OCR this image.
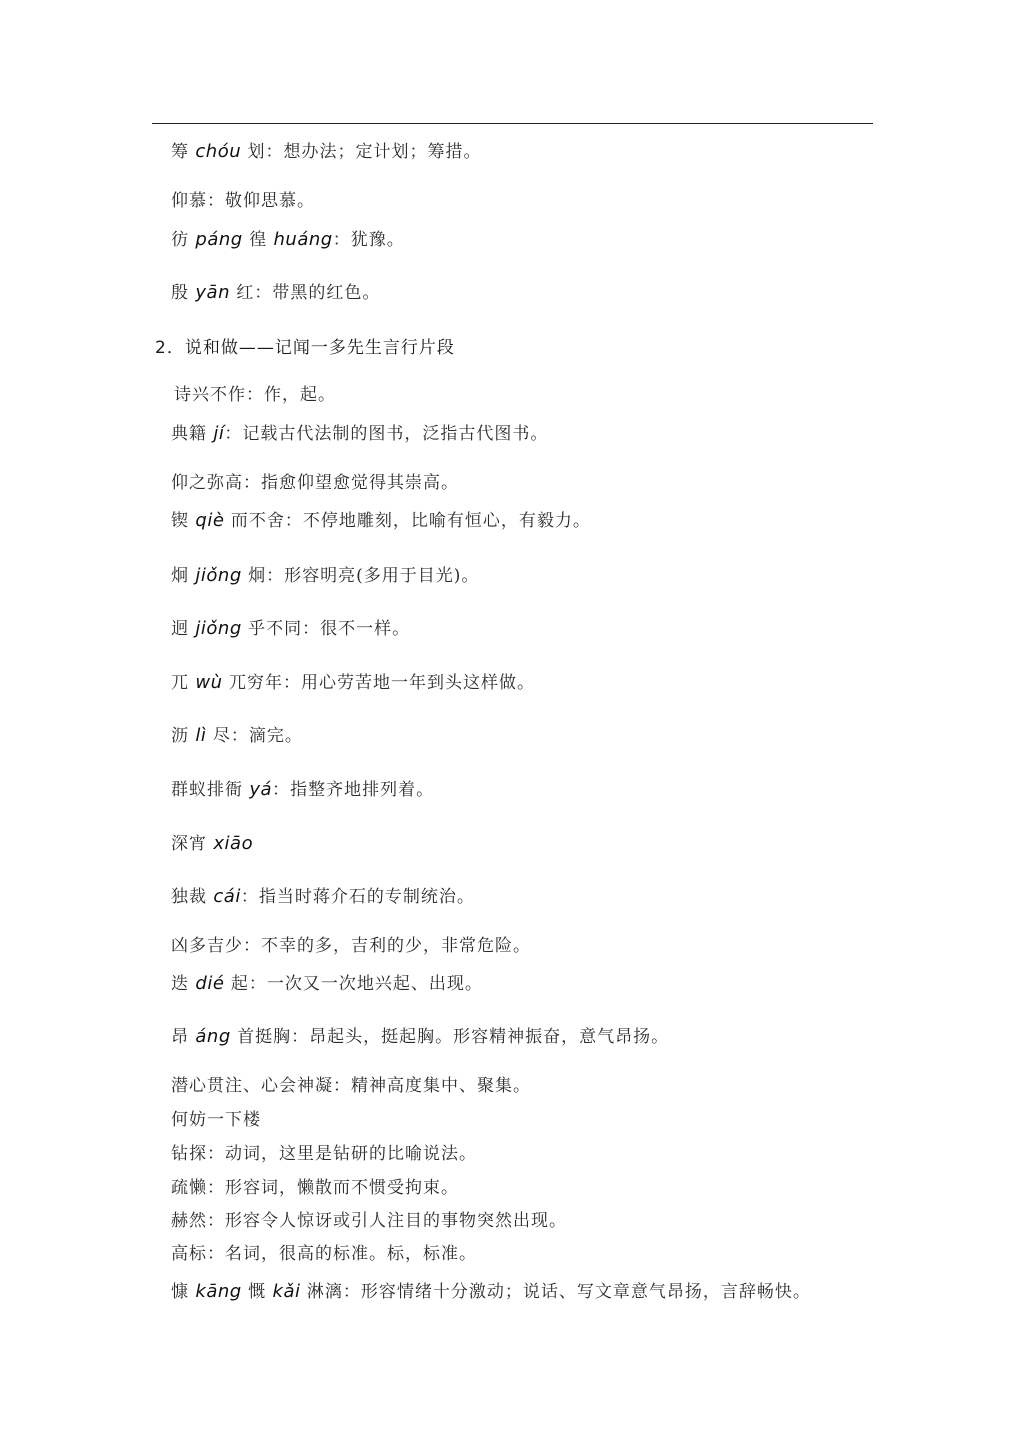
筹 chóu 划：想办法；定计划；筹措。
仰慕：敬仰思慕。
彷 páng 徨 huáng：犹豫。
殷 yān 红：带黑的红色。
2．说和做——记闻一多先生言行片段
诗兴不作：作，起。
典籍 jí：记载古代法制的图书，泛指古代图书。
仰之弥高：指愈仰望愈觉得其崇高。
锲 qiè 而不舍：不停地雕刻，比喻有恒心，有毅力。
炯 jiǒng 炯：形容明亮(多用于目光)。
迥 jiǒng 乎不同：很不一样。
兀 wù 兀穷年：用心劳苦地一年到头这样做。
沥 lì 尽：滴完。
群蚁排衙 yá：指整齐地排列着。
深宵 xiāo
独裁 cái：指当时蒋介石的专制统治。
凶多吉少：不幸的多，吉利的少，非常危险。
迭 dié 起：一次又一次地兴起、出现。
昂 áng 首挺胸：昂起头，挺起胸。形容精神振奋，意气昂扬。
潜心贯注、心会神凝：精神高度集中、聚集。
何妨一下楼
钻探：动词，这里是钻研的比喻说法。
疏懒：形容词，懒散而不惯受拘束。
赫然：形容令人惊讶或引人注目的事物突然出现。
高标：名词，很高的标准。标，标准。
慷 kāng 慨 kǎi 淋漓：形容情绪十分激动；说话、写文章意气昂扬，言辞畅快。
